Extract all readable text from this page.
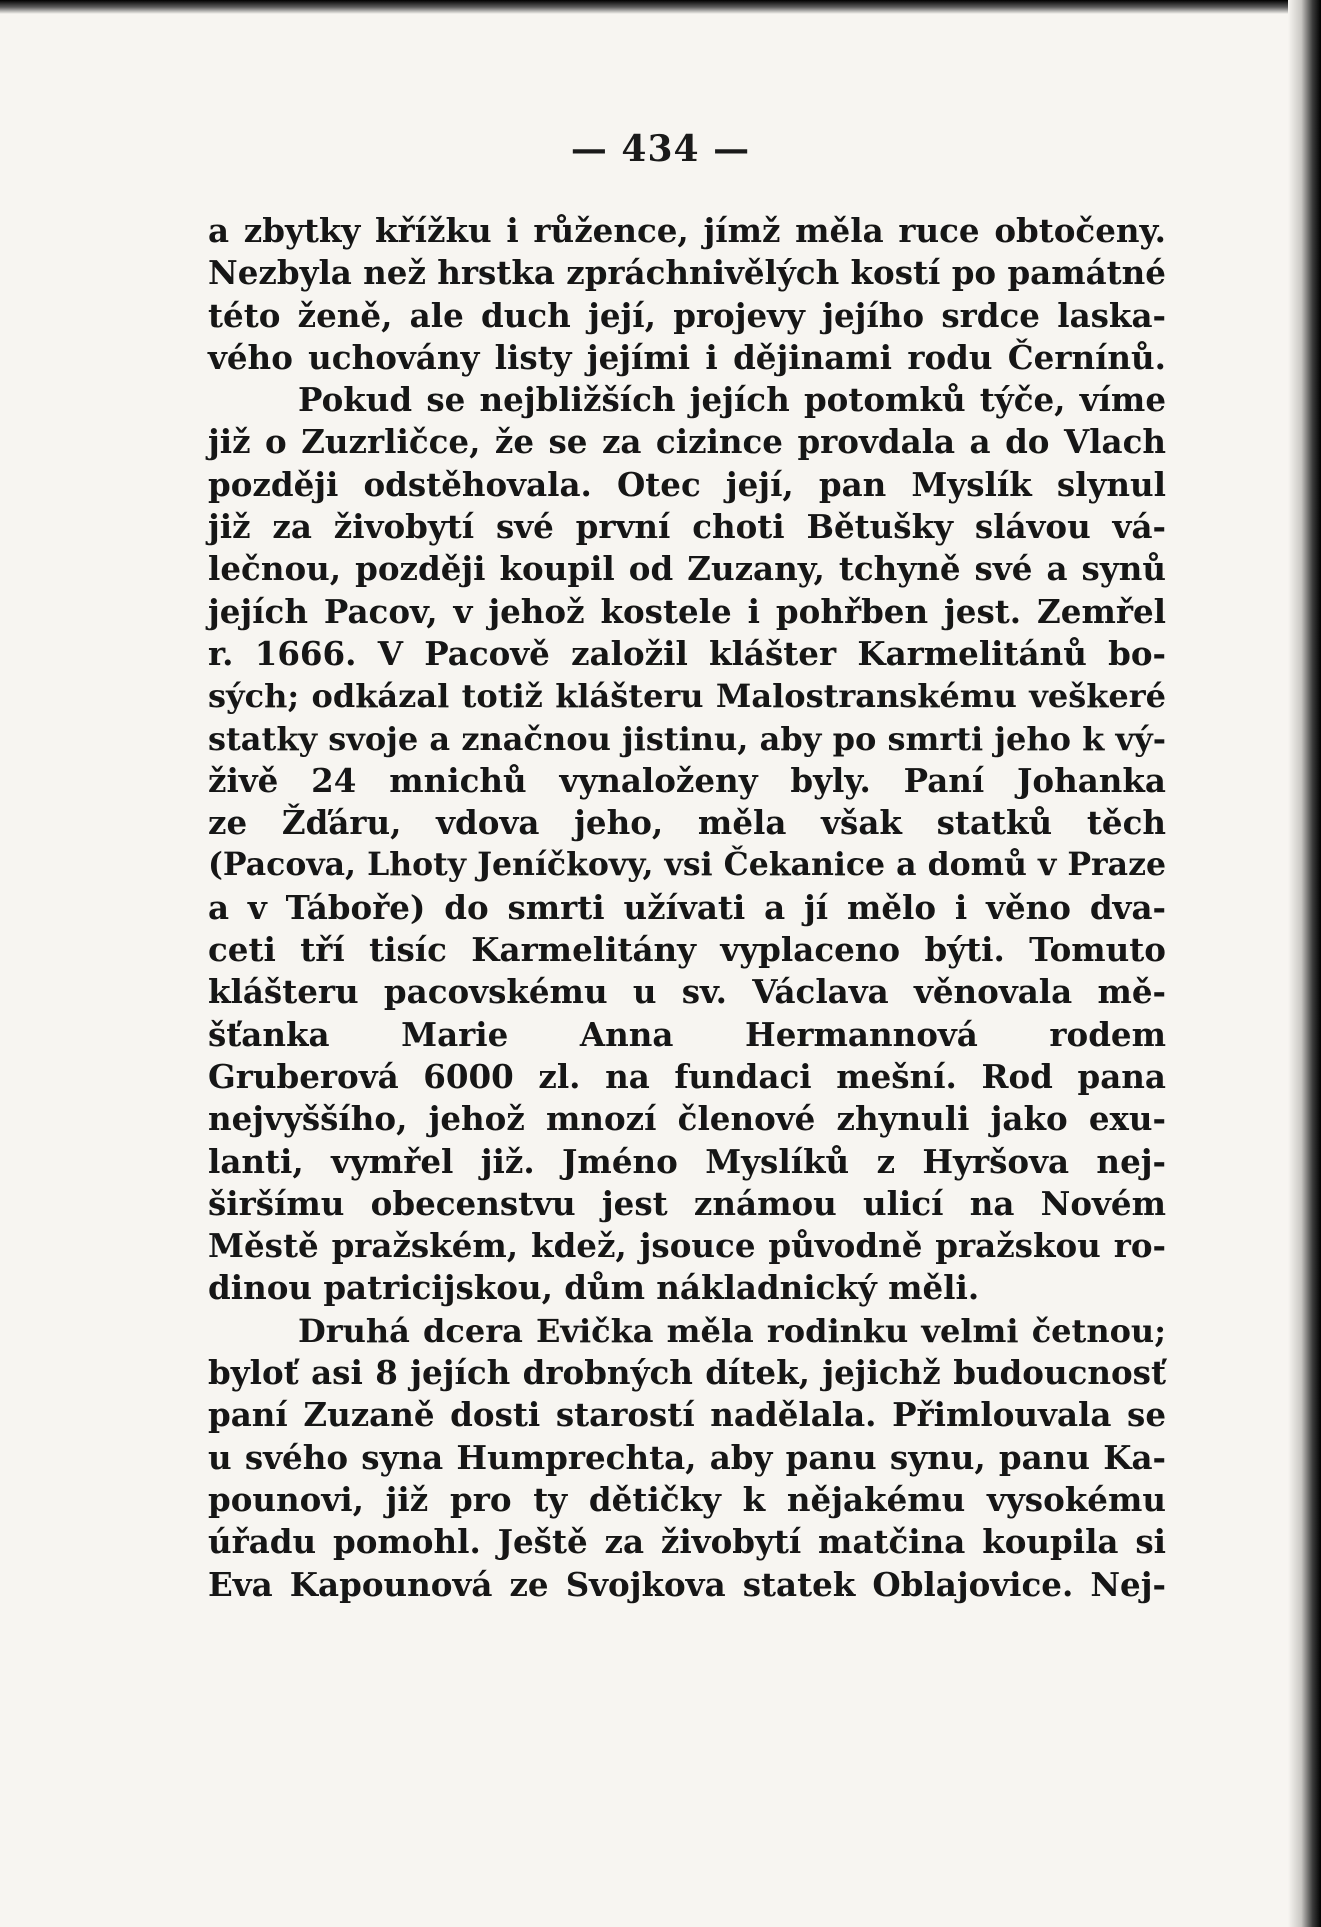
— 434 —
a zbytky křížku i růžence, jímž měla ruce obtočeny.
Nezbyla než hrstka zpráchnivělých kostí po památné
této ženě, ale duch její, projevy jejího srdce laska-
vého uchovány listy jejími i dějinami rodu Černínů.
Pokud se nejbližších jejích potomků týče, víme
již o Zuzrličce, že se za cizince provdala a do Vlach
později odstěhovala. Otec její, pan Myslík slynul
již za živobytí své první choti Bětušky slávou vá-
lečnou, později koupil od Zuzany, tchyně své a synů
jejích Pacov, v jehož kostele i pohřben jest. Zemřel
r. 1666. V Pacově založil klášter Karmelitánů bo-
sých; odkázal totiž klášteru Malostranskému veškeré
statky svoje a značnou jistinu, aby po smrti jeho k vý-
živě 24 mnichů vynaloženy byly. Paní Johanka
ze Žďáru, vdova jeho, měla však statků těch
(Pacova, Lhoty Jeníčkovy, vsi Čekanice a domů v Praze
a v Táboře) do smrti užívati a jí mělo i věno dva-
ceti tří tisíc Karmelitány vyplaceno býti. Tomuto
klášteru pacovskému u sv. Václava věnovala mě-
šťanka Marie Anna Hermannová rodem
Gruberová 6000 zl. na fundaci mešní. Rod pana
nejvyššího, jehož mnozí členové zhynuli jako exu-
lanti, vymřel již. Jméno Myslíků z Hyršova nej-
širšímu obecenstvu jest známou ulicí na Novém
Městě pražském, kdež, jsouce původně pražskou ro-
dinou patricijskou, dům nákladnický měli.
Druhá dcera Evička měla rodinku velmi četnou;
byloť asi 8 jejích drobných dítek, jejichž budoucnosť
paní Zuzaně dosti starostí nadělala. Přimlouvala se
u svého syna Humprechta, aby panu synu, panu Ka-
pounovi, již pro ty dětičky k nějakému vysokému
úřadu pomohl. Ještě za živobytí matčina koupila si
Eva Kapounová ze Svojkova statek Oblajovice. Nej-
